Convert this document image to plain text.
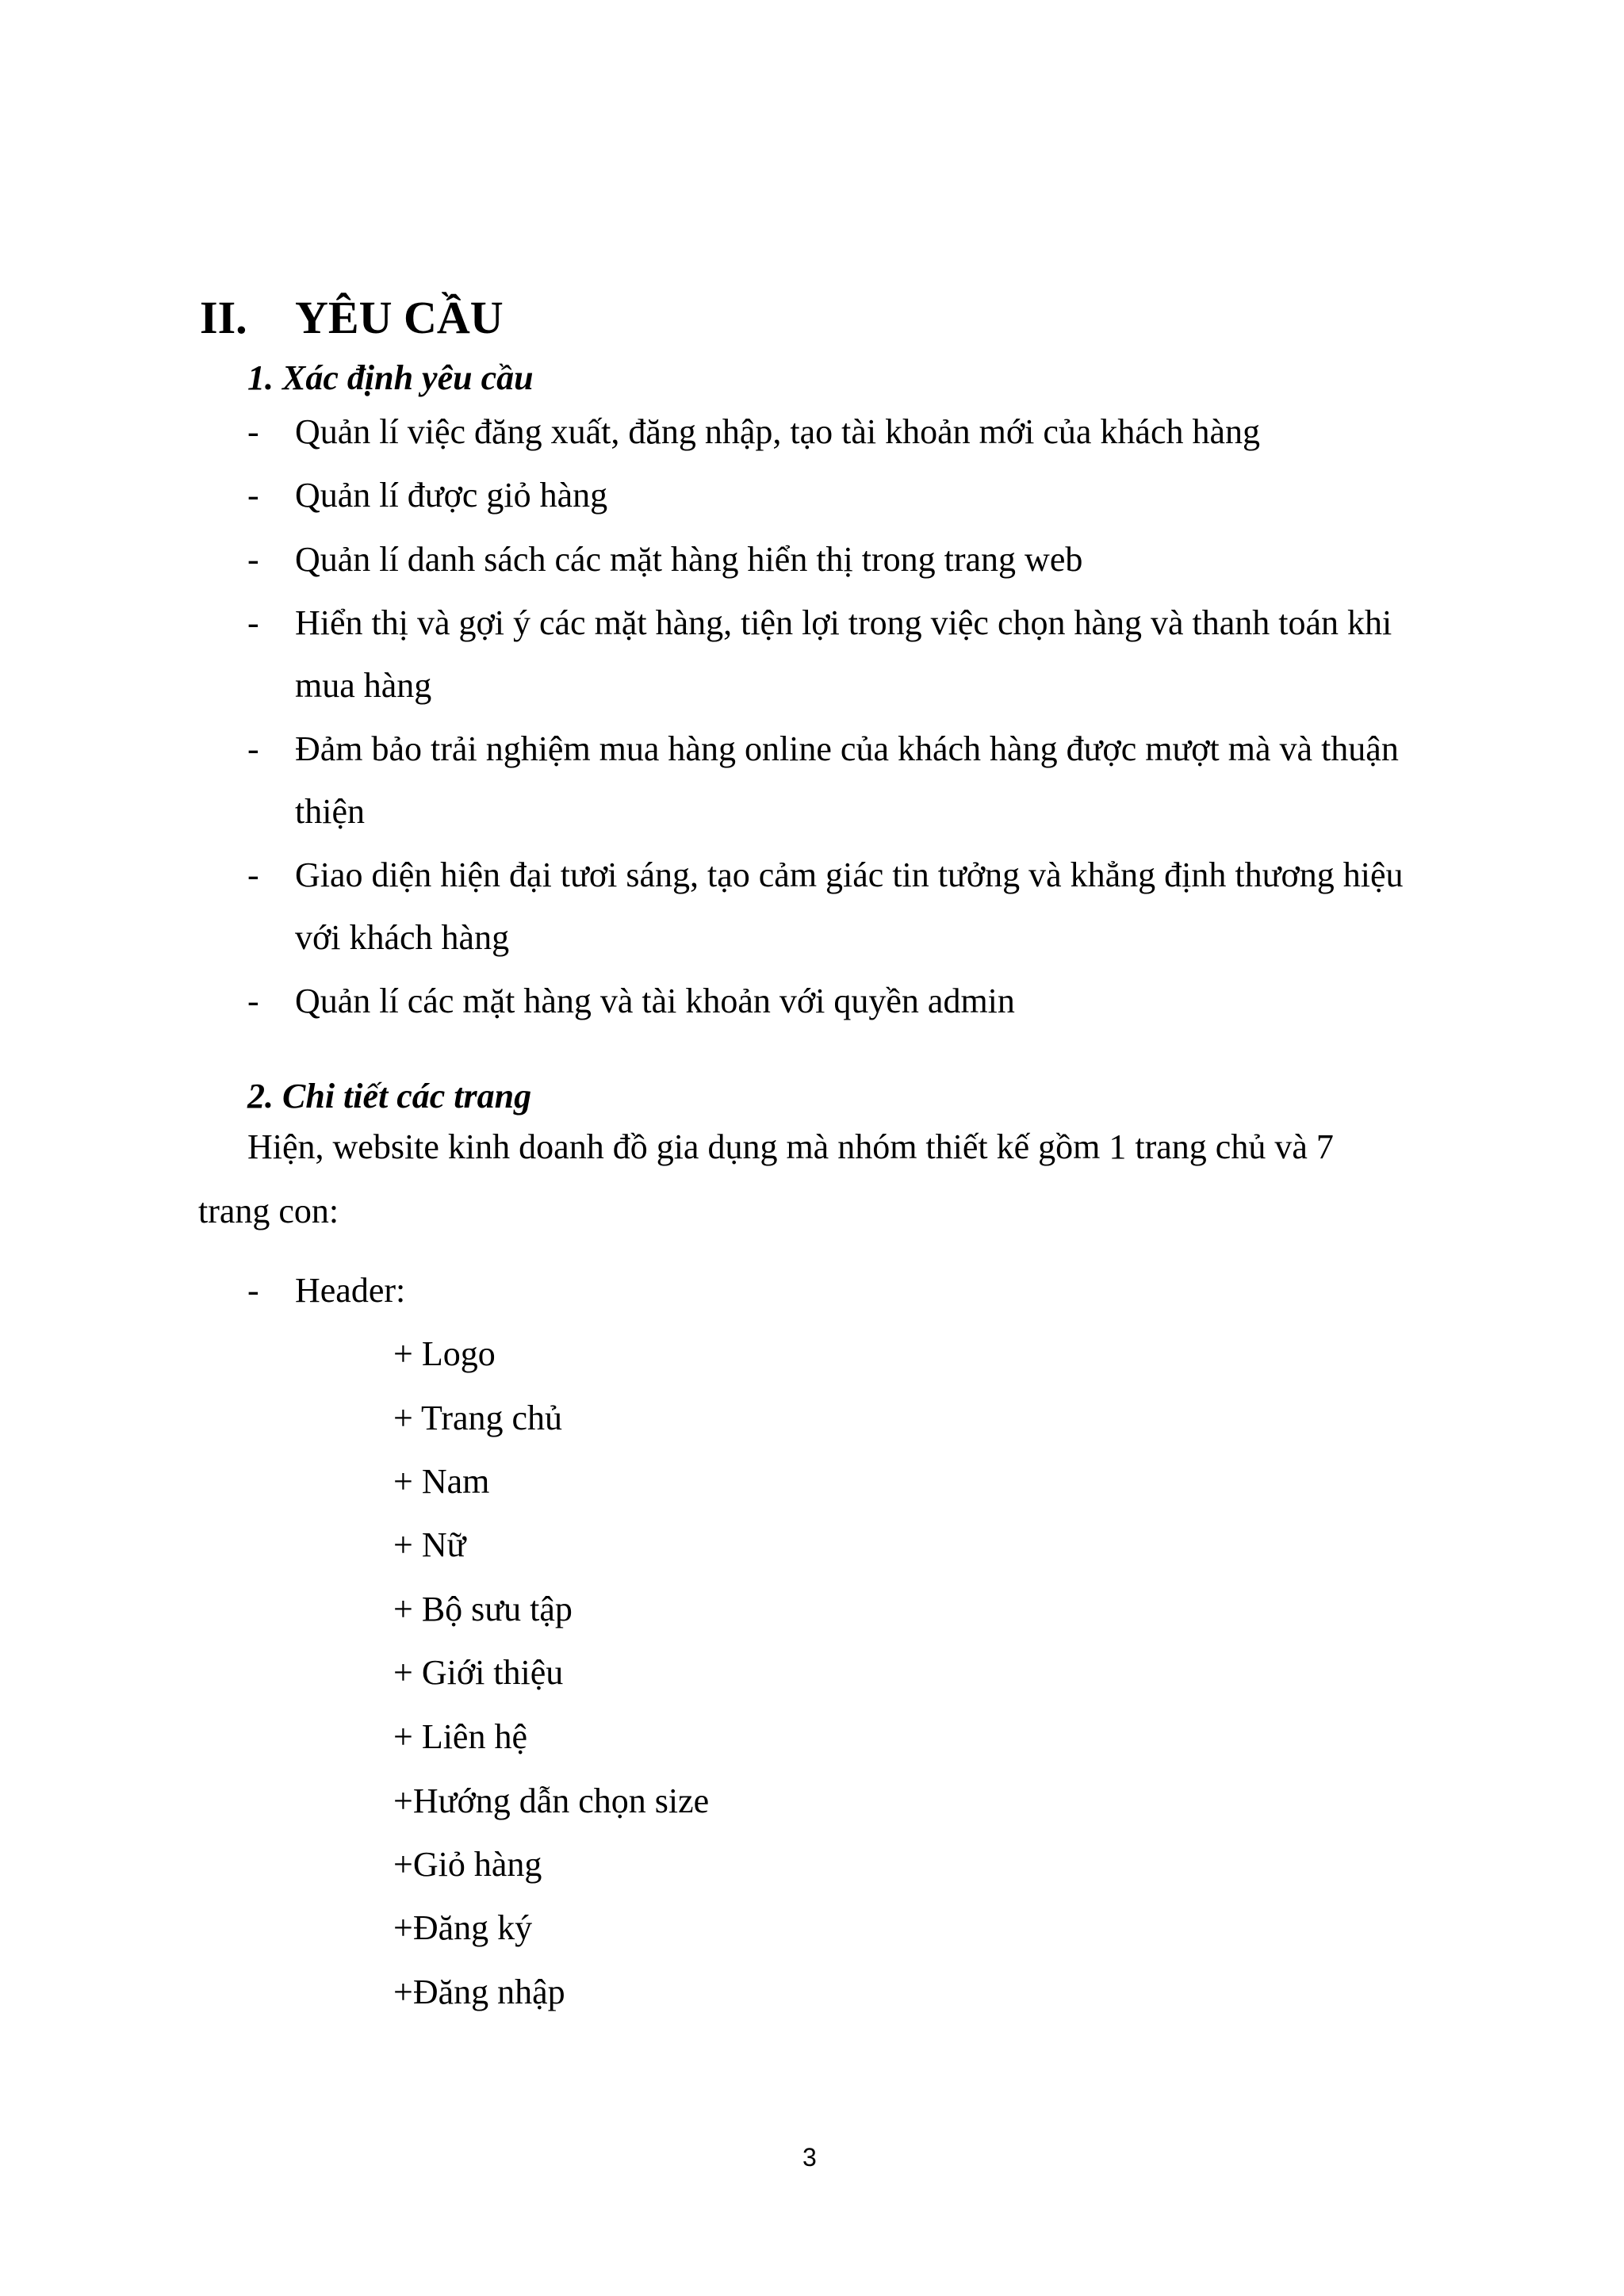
II. YÊU CẦU
1. Xác định yêu cầu
- Quản lí việc đăng xuất, đăng nhập, tạo tài khoản mới của khách hàng
- Quản lí được giỏ hàng
- Quản lí danh sách các mặt hàng hiển thị trong trang web
- Hiển thị và gợi ý các mặt hàng, tiện lợi trong việc chọn hàng và thanh toán khi
mua hàng
- Đảm bảo trải nghiệm mua hàng online của khách hàng được mượt mà và thuận
thiện
- Giao diện hiện đại tươi sáng, tạo cảm giác tin tưởng và khẳng định thương hiệu
với khách hàng
- Quản lí các mặt hàng và tài khoản với quyền admin
2. Chi tiết các trang
Hiện, website kinh doanh đồ gia dụng mà nhóm thiết kế gồm 1 trang chủ và 7
trang con:
- Header:
+ Logo
+ Trang chủ
+ Nam
+ Nữ
+ Bộ sưu tập
+ Giới thiệu
+ Liên hệ
+Hướng dẫn chọn size
+Giỏ hàng
+Đăng ký
+Đăng nhập
3
